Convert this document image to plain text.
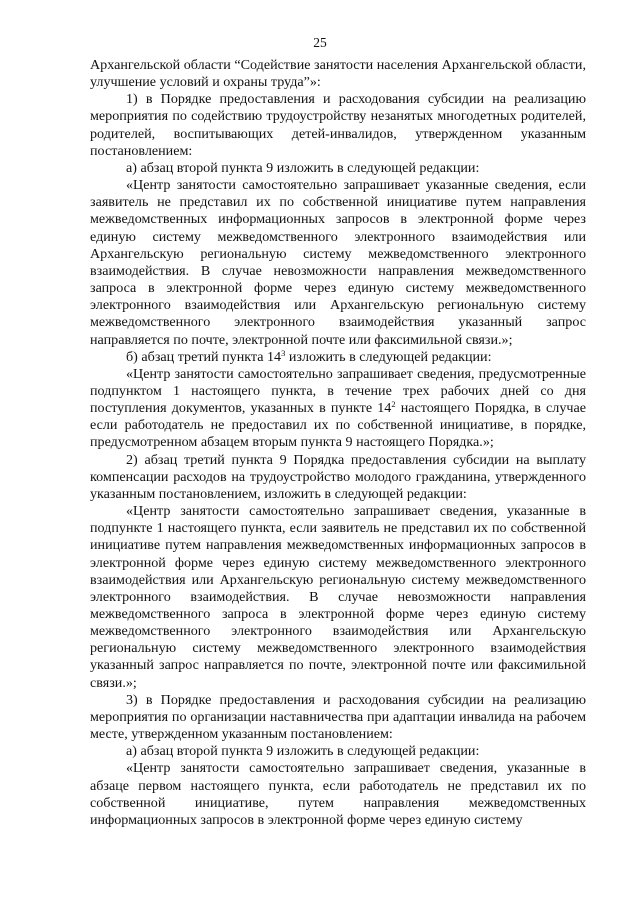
25

Архангельской области “Содействие занятости населения Архангельской области, улучшение условий и охраны труда”»:

1) в Порядке предоставления и расходования субсидии на реализацию мероприятия по содействию трудоустройству незанятых многодетных родителей, родителей, воспитывающих детей-инвалидов, утвержденном указанным постановлением:

а) абзац второй пункта 9 изложить в следующей редакции:

«Центр занятости самостоятельно запрашивает указанные сведения, если заявитель не представил их по собственной инициативе путем направления межведомственных информационных запросов в электронной форме через единую систему межведомственного электронного взаимодействия или Архангельскую региональную систему межведомственного электронного взаимодействия. В случае невозможности направления межведомственного запроса в электронной форме через единую систему межведомственного электронного взаимодействия или Архангельскую региональную систему межведомственного электронного взаимодействия указанный запрос направляется по почте, электронной почте или факсимильной связи.»;

б) абзац третий пункта $14^3$ изложить в следующей редакции:

«Центр занятости самостоятельно запрашивает сведения, предусмотренные подпунктом 1 настоящего пункта, в течение трех рабочих дней со дня поступления документов, указанных в пункте $14^2$ настоящего Порядка, в случае если работодатель не предоставил их по собственной инициативе, в порядке, предусмотренном абзацем вторым пункта 9 настоящего Порядка.»;

2) абзац третий пункта 9 Порядка предоставления субсидии на выплату компенсации расходов на трудоустройство молодого гражданина, утвержденного указанным постановлением, изложить в следующей редакции:

«Центр занятости самостоятельно запрашивает сведения, указанные в подпункте 1 настоящего пункта, если заявитель не представил их по собственной инициативе путем направления межведомственных информационных запросов в электронной форме через единую систему межведомственного электронного взаимодействия или Архангельскую региональную систему межведомственного электронного взаимодействия. В случае невозможности направления межведомственного запроса в электронной форме через единую систему межведомственного электронного взаимодействия или Архангельскую региональную систему межведомственного электронного взаимодействия указанный запрос направляется по почте, электронной почте или факсимильной связи.»;

3) в Порядке предоставления и расходования субсидии на реализацию мероприятия по организации наставничества при адаптации инвалида на рабочем месте, утвержденном указанным постановлением:

а) абзац второй пункта 9 изложить в следующей редакции:

«Центр занятости самостоятельно запрашивает сведения, указанные в абзаце первом настоящего пункта, если работодатель не представил их по собственной инициативе, путем направления межведомственных информационных запросов в электронной форме через единую систему
